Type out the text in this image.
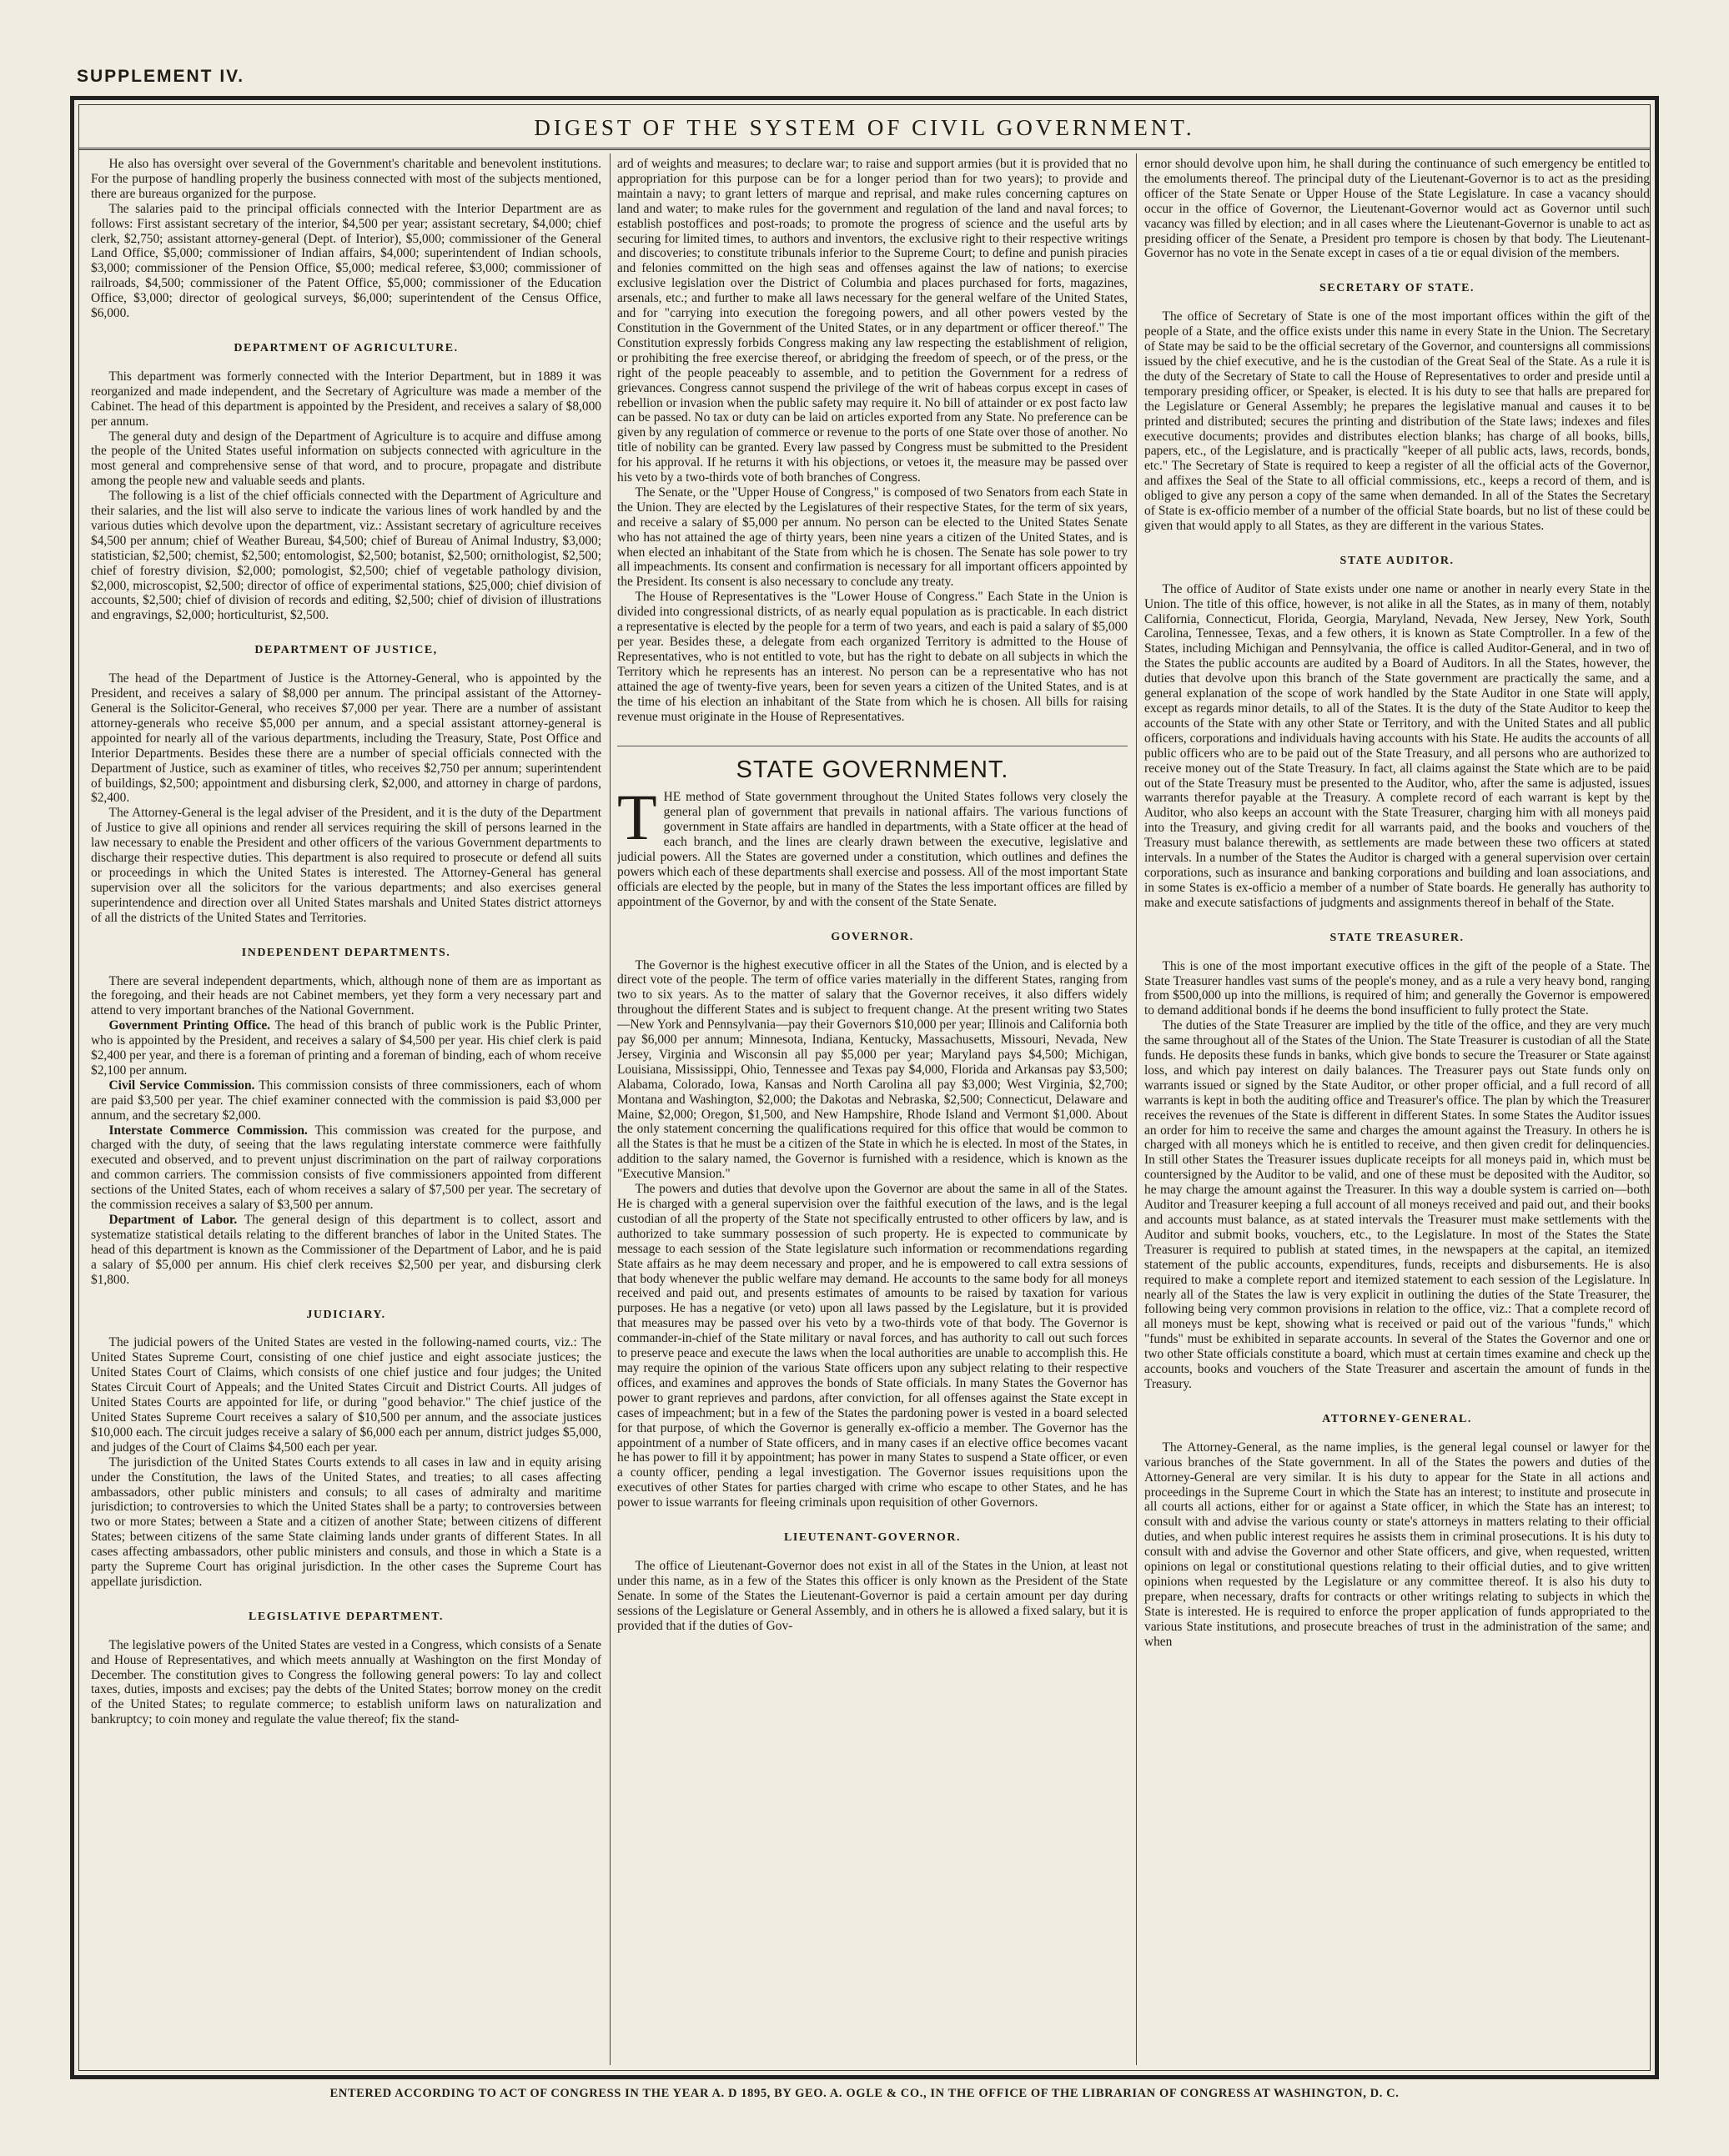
SUPPLEMENT IV.
DIGEST OF THE SYSTEM OF CIVIL GOVERNMENT.

He also has oversight over several of the Government's charitable and benevolent institutions. For the purpose of handling properly the business connected with most of the subjects mentioned, there are bureaus organized for the purpose.

The salaries paid to the principal officials connected with the Interior Department are as follows: First assistant secretary of the interior, $4,500 per year; assistant secretary, $4,000; chief clerk, $2,750; assistant attorney-general (Dept. of Interior), $5,000; commissioner of the General Land Office, $5,000; commissioner of Indian affairs, $4,000; superintendent of Indian schools, $3,000; commissioner of the Pension Office, $5,000; medical referee, $3,000; commissioner of railroads, $4,500; commissioner of the Patent Office, $5,000; commissioner of the Education Office, $3,000; director of geological surveys, $6,000; superintendent of the Census Office, $6,000.

DEPARTMENT OF AGRICULTURE.

This department was formerly connected with the Interior Department, but in 1889 it was reorganized and made independent, and the Secretary of Agriculture was made a member of the Cabinet. The head of this department is appointed by the President, and receives a salary of $8,000 per annum.

The general duty and design of the Department of Agriculture is to acquire and diffuse among the people of the United States useful information on subjects connected with agriculture in the most general and comprehensive sense of that word, and to procure, propagate and distribute among the people new and valuable seeds and plants.

The following is a list of the chief officials connected with the Department of Agriculture and their salaries, and the list will also serve to indicate the various lines of work handled by and the various duties which devolve upon the department, viz.: Assistant secretary of agriculture receives $4,500 per annum; chief of Weather Bureau, $4,500; chief of Bureau of Animal Industry, $3,000; statistician, $2,500; chemist, $2,500; entomologist, $2,500; botanist, $2,500; ornithologist, $2,500; chief of forestry division, $2,000; pomologist, $2,500; chief of vegetable pathology division, $2,000, microscopist, $2,500; director of office of experimental stations, $25,000; chief division of accounts, $2,500; chief of division of records and editing, $2,500; chief of division of illustrations and engravings, $2,000; horticulturist, $2,500.

DEPARTMENT OF JUSTICE,

The head of the Department of Justice is the Attorney-General, who is appointed by the President, and receives a salary of $8,000 per annum. The principal assistant of the Attorney-General is the Solicitor-General, who receives $7,000 per year. There are a number of assistant attorney-generals who receive $5,000 per annum, and a special assistant attorney-general is appointed for nearly all of the various departments, including the Treasury, State, Post Office and Interior Departments. Besides these there are a number of special officials connected with the Department of Justice, such as examiner of titles, who receives $2,750 per annum; superintendent of buildings, $2,500; appointment and disbursing clerk, $2,000, and attorney in charge of pardons, $2,400.

The Attorney-General is the legal adviser of the President, and it is the duty of the Department of Justice to give all opinions and render all services requiring the skill of persons learned in the law necessary to enable the President and other officers of the various Government departments to discharge their respective duties. This department is also required to prosecute or defend all suits or proceedings in which the United States is interested. The Attorney-General has general supervision over all the solicitors for the various departments; and also exercises general superintendence and direction over all United States marshals and United States district attorneys of all the districts of the United States and Territories.

INDEPENDENT DEPARTMENTS.

There are several independent departments, which, although none of them are as important as the foregoing, and their heads are not Cabinet members, yet they form a very necessary part and attend to very important branches of the National Government.

Government Printing Office. The head of this branch of public work is the Public Printer, who is appointed by the President, and receives a salary of $4,500 per year. His chief clerk is paid $2,400 per year, and there is a foreman of printing and a foreman of binding, each of whom receive $2,100 per annum.

Civil Service Commission. This commission consists of three commissioners, each of whom are paid $3,500 per year. The chief examiner connected with the commission is paid $3,000 per annum, and the secretary $2,000.

Interstate Commerce Commission. This commission was created for the purpose, and charged with the duty, of seeing that the laws regulating interstate commerce were faithfully executed and observed, and to prevent unjust discrimination on the part of railway corporations and common carriers. The commission consists of five commissioners appointed from different sections of the United States, each of whom receives a salary of $7,500 per year. The secretary of the commission receives a salary of $3,500 per annum.

Department of Labor. The general design of this department is to collect, assort and systematize statistical details relating to the different branches of labor in the United States. The head of this department is known as the Commissioner of the Department of Labor, and he is paid a salary of $5,000 per annum. His chief clerk receives $2,500 per year, and disbursing clerk $1,800.

JUDICIARY.

The judicial powers of the United States are vested in the following-named courts, viz.: The United States Supreme Court, consisting of one chief justice and eight associate justices; the United States Court of Claims, which consists of one chief justice and four judges; the United States Circuit Court of Appeals; and the United States Circuit and District Courts. All judges of United States Courts are appointed for life, or during "good behavior." The chief justice of the United States Supreme Court receives a salary of $10,500 per annum, and the associate justices $10,000 each. The circuit judges receive a salary of $6,000 each per annum, district judges $5,000, and judges of the Court of Claims $4,500 each per year.

The jurisdiction of the United States Courts extends to all cases in law and in equity arising under the Constitution, the laws of the United States, and treaties; to all cases affecting ambassadors, other public ministers and consuls; to all cases of admiralty and maritime jurisdiction; to controversies to which the United States shall be a party; to controversies between two or more States; between a State and a citizen of another State; between citizens of different States; between citizens of the same State claiming lands under grants of different States. In all cases affecting ambassadors, other public ministers and consuls, and those in which a State is a party the Supreme Court has original jurisdiction. In the other cases the Supreme Court has appellate jurisdiction.

LEGISLATIVE DEPARTMENT.

The legislative powers of the United States are vested in a Congress, which consists of a Senate and House of Representatives, and which meets annually at Washington on the first Monday of December. The constitution gives to Congress the following general powers: To lay and collect taxes, duties, imposts and excises; pay the debts of the United States; borrow money on the credit of the United States; to regulate commerce; to establish uniform laws on naturalization and bankruptcy; to coin money and regulate the value thereof; fix the stand-

ard of weights and measures; to declare war; to raise and support armies (but it is provided that no appropriation for this purpose can be for a longer period than for two years); to provide and maintain a navy; to grant letters of marque and reprisal, and make rules concerning captures on land and water; to make rules for the government and regulation of the land and naval forces; to establish postoffices and post-roads; to promote the progress of science and the useful arts by securing for limited times, to authors and inventors, the exclusive right to their respective writings and discoveries; to constitute tribunals inferior to the Supreme Court; to define and punish piracies and felonies committed on the high seas and offenses against the law of nations; to exercise exclusive legislation over the District of Columbia and places purchased for forts, magazines, arsenals, etc.; and further to make all laws necessary for the general welfare of the United States, and for "carrying into execution the foregoing powers, and all other powers vested by the Constitution in the Government of the United States, or in any department or officer thereof." The Constitution expressly forbids Congress making any law respecting the establishment of religion, or prohibiting the free exercise thereof, or abridging the freedom of speech, or of the press, or the right of the people peaceably to assemble, and to petition the Government for a redress of grievances. Congress cannot suspend the privilege of the writ of habeas corpus except in cases of rebellion or invasion when the public safety may require it. No bill of attainder or ex post facto law can be passed. No tax or duty can be laid on articles exported from any State. No preference can be given by any regulation of commerce or revenue to the ports of one State over those of another. No title of nobility can be granted. Every law passed by Congress must be submitted to the President for his approval. If he returns it with his objections, or vetoes it, the measure may be passed over his veto by a two-thirds vote of both branches of Congress.

The Senate, or the "Upper House of Congress," is composed of two Senators from each State in the Union. They are elected by the Legislatures of their respective States, for the term of six years, and receive a salary of $5,000 per annum. No person can be elected to the United States Senate who has not attained the age of thirty years, been nine years a citizen of the United States, and is when elected an inhabitant of the State from which he is chosen. The Senate has sole power to try all impeachments. Its consent and confirmation is necessary for all important officers appointed by the President. Its consent is also necessary to conclude any treaty.

The House of Representatives is the "Lower House of Congress." Each State in the Union is divided into congressional districts, of as nearly equal population as is practicable. In each district a representative is elected by the people for a term of two years, and each is paid a salary of $5,000 per year. Besides these, a delegate from each organized Territory is admitted to the House of Representatives, who is not entitled to vote, but has the right to debate on all subjects in which the Territory which he represents has an interest. No person can be a representative who has not attained the age of twenty-five years, been for seven years a citizen of the United States, and is at the time of his election an inhabitant of the State from which he is chosen. All bills for raising revenue must originate in the House of Representatives.

STATE GOVERNMENT.
T HE method of State government throughout the United States follows very closely the general plan of government that prevails in national affairs. The various functions of government in State affairs are handled in departments, with a State officer at the head of each branch, and the lines are clearly drawn between the executive, legislative and judicial powers. All the States are governed under a constitution, which outlines and defines the powers which each of these departments shall exercise and possess. All of the most important State officials are elected by the people, but in many of the States the less important offices are filled by appointment of the Governor, by and with the consent of the State Senate.

GOVERNOR.

The Governor is the highest executive officer in all the States of the Union, and is elected by a direct vote of the people. The term of office varies materially in the different States, ranging from two to six years. As to the matter of salary that the Governor receives, it also differs widely throughout the different States and is subject to frequent change. At the present writing two States—New York and Pennsylvania—pay their Governors $10,000 per year; Illinois and California both pay $6,000 per annum; Minnesota, Indiana, Kentucky, Massachusetts, Missouri, Nevada, New Jersey, Virginia and Wisconsin all pay $5,000 per year; Maryland pays $4,500; Michigan, Louisiana, Mississippi, Ohio, Tennessee and Texas pay $4,000, Florida and Arkansas pay $3,500; Alabama, Colorado, Iowa, Kansas and North Carolina all pay $3,000; West Virginia, $2,700; Montana and Washington, $2,000; the Dakotas and Nebraska, $2,500; Connecticut, Delaware and Maine, $2,000; Oregon, $1,500, and New Hampshire, Rhode Island and Vermont $1,000. About the only statement concerning the qualifications required for this office that would be common to all the States is that he must be a citizen of the State in which he is elected. In most of the States, in addition to the salary named, the Governor is furnished with a residence, which is known as the "Executive Mansion."

The powers and duties that devolve upon the Governor are about the same in all of the States. He is charged with a general supervision over the faithful execution of the laws, and is the legal custodian of all the property of the State not specifically entrusted to other officers by law, and is authorized to take summary possession of such property. He is expected to communicate by message to each session of the State legislature such information or recommendations regarding State affairs as he may deem necessary and proper, and he is empowered to call extra sessions of that body whenever the public welfare may demand. He accounts to the same body for all moneys received and paid out, and presents estimates of amounts to be raised by taxation for various purposes. He has a negative (or veto) upon all laws passed by the Legislature, but it is provided that measures may be passed over his veto by a two-thirds vote of that body. The Governor is commander-in-chief of the State military or naval forces, and has authority to call out such forces to preserve peace and execute the laws when the local authorities are unable to accomplish this. He may require the opinion of the various State officers upon any subject relating to their respective offices, and examines and approves the bonds of State officials. In many States the Governor has power to grant reprieves and pardons, after conviction, for all offenses against the State except in cases of impeachment; but in a few of the States the pardoning power is vested in a board selected for that purpose, of which the Governor is generally ex-officio a member. The Governor has the appointment of a number of State officers, and in many cases if an elective office becomes vacant he has power to fill it by appointment; has power in many States to suspend a State officer, or even a county officer, pending a legal investigation. The Governor issues requisitions upon the executives of other States for parties charged with crime who escape to other States, and he has power to issue warrants for fleeing criminals upon requisition of other Governors.

LIEUTENANT-GOVERNOR.

The office of Lieutenant-Governor does not exist in all of the States in the Union, at least not under this name, as in a few of the States this officer is only known as the President of the State Senate. In some of the States the Lieutenant-Governor is paid a certain amount per day during sessions of the Legislature or General Assembly, and in others he is allowed a fixed salary, but it is provided that if the duties of Gov-

ernor should devolve upon him, he shall during the continuance of such emergency be entitled to the emoluments thereof. The principal duty of the Lieutenant-Governor is to act as the presiding officer of the State Senate or Upper House of the State Legislature. In case a vacancy should occur in the office of Governor, the Lieutenant-Governor would act as Governor until such vacancy was filled by election; and in all cases where the Lieutenant-Governor is unable to act as presiding officer of the Senate, a President pro tempore is chosen by that body. The Lieutenant-Governor has no vote in the Senate except in cases of a tie or equal division of the members.

SECRETARY OF STATE.

The office of Secretary of State is one of the most important offices within the gift of the people of a State, and the office exists under this name in every State in the Union. The Secretary of State may be said to be the official secretary of the Governor, and countersigns all commissions issued by the chief executive, and he is the custodian of the Great Seal of the State. As a rule it is the duty of the Secretary of State to call the House of Representatives to order and preside until a temporary presiding officer, or Speaker, is elected. It is his duty to see that halls are prepared for the Legislature or General Assembly; he prepares the legislative manual and causes it to be printed and distributed; secures the printing and distribution of the State laws; indexes and files executive documents; provides and distributes election blanks; has charge of all books, bills, papers, etc., of the Legislature, and is practically "keeper of all public acts, laws, records, bonds, etc." The Secretary of State is required to keep a register of all the official acts of the Governor, and affixes the Seal of the State to all official commissions, etc., keeps a record of them, and is obliged to give any person a copy of the same when demanded. In all of the States the Secretary of State is ex-officio member of a number of the official State boards, but no list of these could be given that would apply to all States, as they are different in the various States.

STATE AUDITOR.

The office of Auditor of State exists under one name or another in nearly every State in the Union. The title of this office, however, is not alike in all the States, as in many of them, notably California, Connecticut, Florida, Georgia, Maryland, Nevada, New Jersey, New York, South Carolina, Tennessee, Texas, and a few others, it is known as State Comptroller. In a few of the States, including Michigan and Pennsylvania, the office is called Auditor-General, and in two of the States the public accounts are audited by a Board of Auditors. In all the States, however, the duties that devolve upon this branch of the State government are practically the same, and a general explanation of the scope of work handled by the State Auditor in one State will apply, except as regards minor details, to all of the States. It is the duty of the State Auditor to keep the accounts of the State with any other State or Territory, and with the United States and all public officers, corporations and individuals having accounts with his State. He audits the accounts of all public officers who are to be paid out of the State Treasury, and all persons who are authorized to receive money out of the State Treasury. In fact, all claims against the State which are to be paid out of the State Treasury must be presented to the Auditor, who, after the same is adjusted, issues warrants therefor payable at the Treasury. A complete record of each warrant is kept by the Auditor, who also keeps an account with the State Treasurer, charging him with all moneys paid into the Treasury, and giving credit for all warrants paid, and the books and vouchers of the Treasury must balance therewith, as settlements are made between these two officers at stated intervals. In a number of the States the Auditor is charged with a general supervision over certain corporations, such as insurance and banking corporations and building and loan associations, and in some States is ex-officio a member of a number of State boards. He generally has authority to make and execute satisfactions of judgments and assignments thereof in behalf of the State.

STATE TREASURER.

This is one of the most important executive offices in the gift of the people of a State. The State Treasurer handles vast sums of the people's money, and as a rule a very heavy bond, ranging from $500,000 up into the millions, is required of him; and generally the Governor is empowered to demand additional bonds if he deems the bond insufficient to fully protect the State.

The duties of the State Treasurer are implied by the title of the office, and they are very much the same throughout all of the States of the Union. The State Treasurer is custodian of all the State funds. He deposits these funds in banks, which give bonds to secure the Treasurer or State against loss, and which pay interest on daily balances. The Treasurer pays out State funds only on warrants issued or signed by the State Auditor, or other proper official, and a full record of all warrants is kept in both the auditing office and Treasurer's office. The plan by which the Treasurer receives the revenues of the State is different in different States. In some States the Auditor issues an order for him to receive the same and charges the amount against the Treasury. In others he is charged with all moneys which he is entitled to receive, and then given credit for delinquencies. In still other States the Treasurer issues duplicate receipts for all moneys paid in, which must be countersigned by the Auditor to be valid, and one of these must be deposited with the Auditor, so he may charge the amount against the Treasurer. In this way a double system is carried on—both Auditor and Treasurer keeping a full account of all moneys received and paid out, and their books and accounts must balance, as at stated intervals the Treasurer must make settlements with the Auditor and submit books, vouchers, etc., to the Legislature. In most of the States the State Treasurer is required to publish at stated times, in the newspapers at the capital, an itemized statement of the public accounts, expenditures, funds, receipts and disbursements. He is also required to make a complete report and itemized statement to each session of the Legislature. In nearly all of the States the law is very explicit in outlining the duties of the State Treasurer, the following being very common provisions in relation to the office, viz.: That a complete record of all moneys must be kept, showing what is received or paid out of the various "funds," which "funds" must be exhibited in separate accounts. In several of the States the Governor and one or two other State officials constitute a board, which must at certain times examine and check up the accounts, books and vouchers of the State Treasurer and ascertain the amount of funds in the Treasury.

ATTORNEY-GENERAL.

The Attorney-General, as the name implies, is the general legal counsel or lawyer for the various branches of the State government. In all of the States the powers and duties of the Attorney-General are very similar. It is his duty to appear for the State in all actions and proceedings in the Supreme Court in which the State has an interest; to institute and prosecute in all courts all actions, either for or against a State officer, in which the State has an interest; to consult with and advise the various county or state's attorneys in matters relating to their official duties, and when public interest requires he assists them in criminal prosecutions. It is his duty to consult with and advise the Governor and other State officers, and give, when requested, written opinions on legal or constitutional questions relating to their official duties, and to give written opinions when requested by the Legislature or any committee thereof. It is also his duty to prepare, when necessary, drafts for contracts or other writings relating to subjects in which the State is interested. He is required to enforce the proper application of funds appropriated to the various State institutions, and prosecute breaches of trust in the administration of the same; and when

ENTERED ACCORDING TO ACT OF CONGRESS IN THE YEAR A. D 1895, BY GEO. A. OGLE & CO., IN THE OFFICE OF THE LIBRARIAN OF CONGRESS AT WASHINGTON, D. C.
